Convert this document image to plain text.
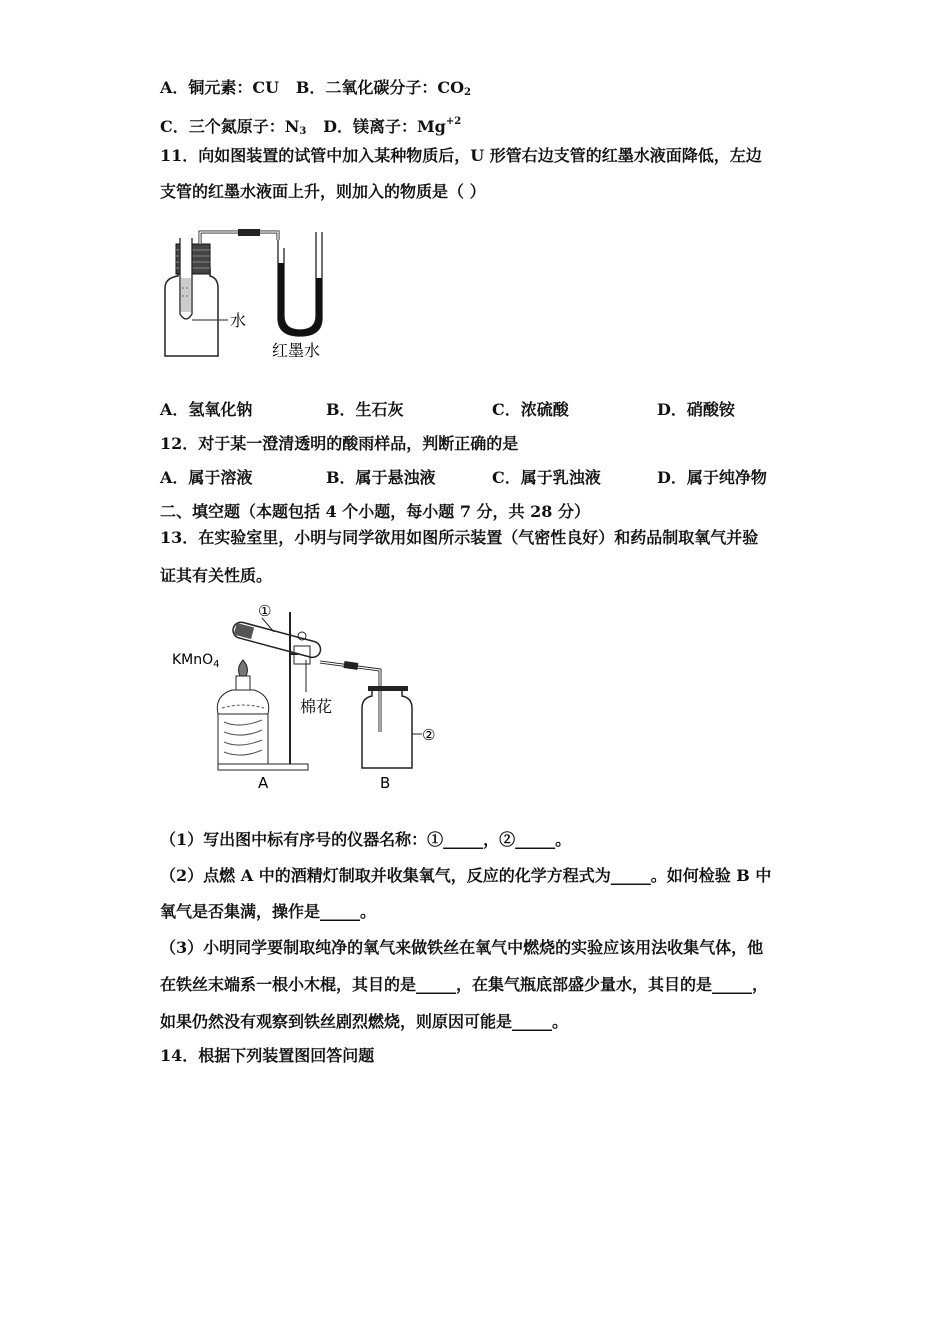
A．铜元素：CU B．二氧化碳分子：$CO_2$
C．三个氮原子：$N_3$ D．镁离子：$Mg^{+2}$
11．向如图装置的试管中加入某种物质后，U 形管右边支管的红墨水液面降低，左边
支管的红墨水液面上升，则加入的物质是（ ）
水
红墨水
A．氢氧化钠	B．生石灰	C．浓硫酸	D．硝酸铵
12．对于某一澄清透明的酸雨样品，判断正确的是
A．属于溶液	B．属于悬浊液	C．属于乳浊液	D．属于纯净物
二、填空题（本题包括 4 个小题，每小题 7 分，共 28 分）
13．在实验室里，小明与同学欲用如图所示装置（气密性良好）和药品制取氧气并验
证其有关性质。
①
KMnO$_4$
棉花
②
A	B
（1）写出图中标有序号的仪器名称：①_____，②_____。
（2）点燃 A 中的酒精灯制取并收集氧气，反应的化学方程式为_____。如何检验 B 中
氧气是否集满，操作是_____。
（3）小明同学要制取纯净的氧气来做铁丝在氧气中燃烧的实验应该用法收集气体，他
在铁丝末端系一根小木棍，其目的是_____，在集气瓶底部盛少量水，其目的是_____，
如果仍然没有观察到铁丝剧烈燃烧，则原因可能是_____。
14．根据下列装置图回答问题
